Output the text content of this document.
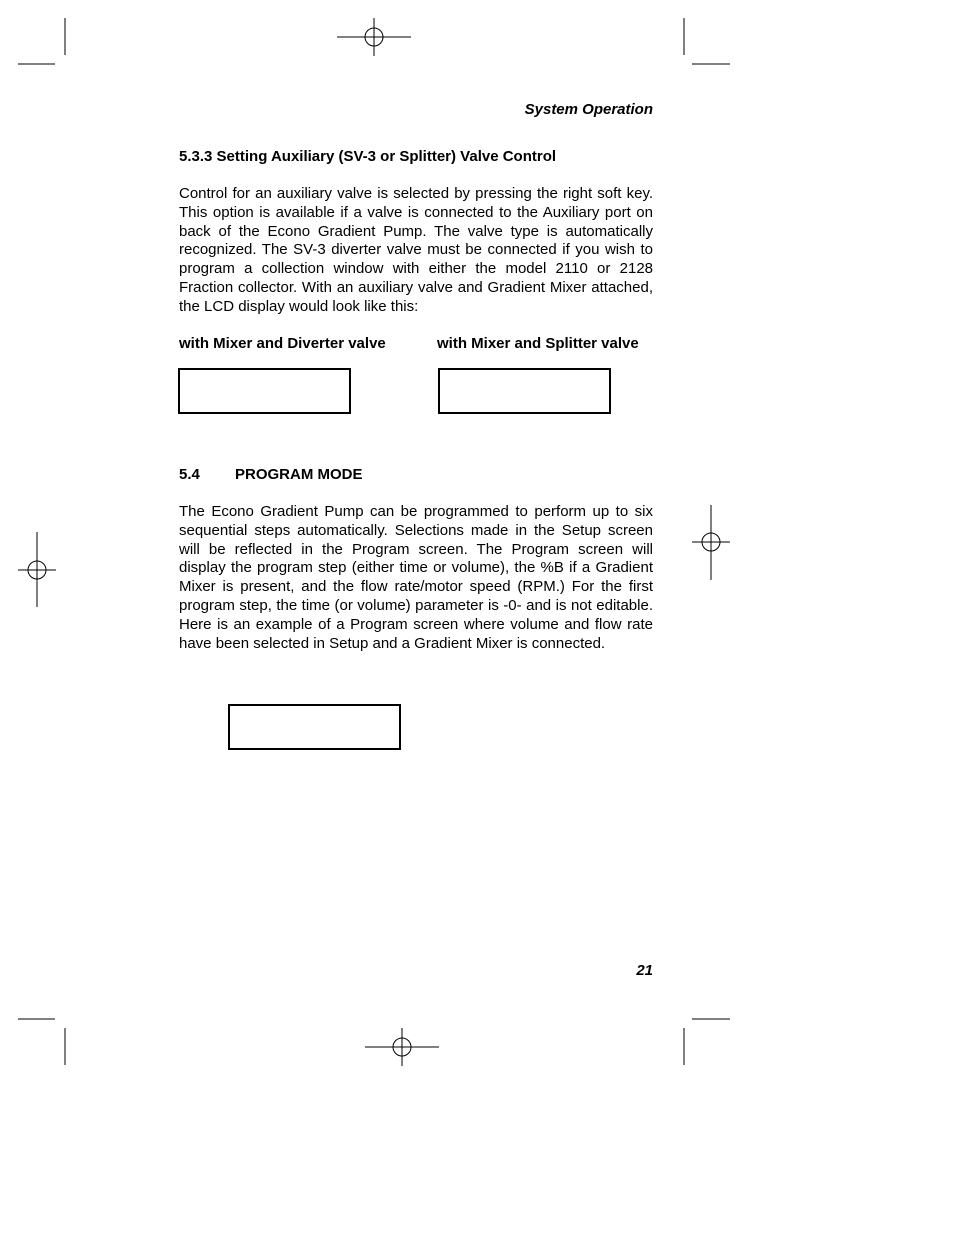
System Operation
5.3.3 Setting Auxiliary (SV-3 or Splitter) Valve Control

Control for an auxiliary valve is selected by pressing the right soft key. This option is available if a valve is connected to the Auxiliary port on back of the Econo Gradient Pump. The valve type is automatically recognized. The SV-3 diverter valve must be connected if you wish to program a collection window with either the model 2110 or 2128 Fraction collector. With an auxiliary valve and Gradient Mixer attached, the LCD display would look like this:

with Mixer and Diverter valve	with Mixer and Splitter valve
5.4 PROGRAM MODE

The Econo Gradient Pump can be programmed to perform up to six sequential steps automatically. Selections made in the Setup screen will be reflected in the Program screen. The Program screen will display the program step (either time or volume), the %B if a Gradient Mixer is present, and the flow rate/motor speed (RPM.) For the first program step, the time (or volume) parameter is -0- and is not editable. Here is an example of a Program screen where volume and flow rate have been selected in Setup and a Gradient Mixer is connected.

21
